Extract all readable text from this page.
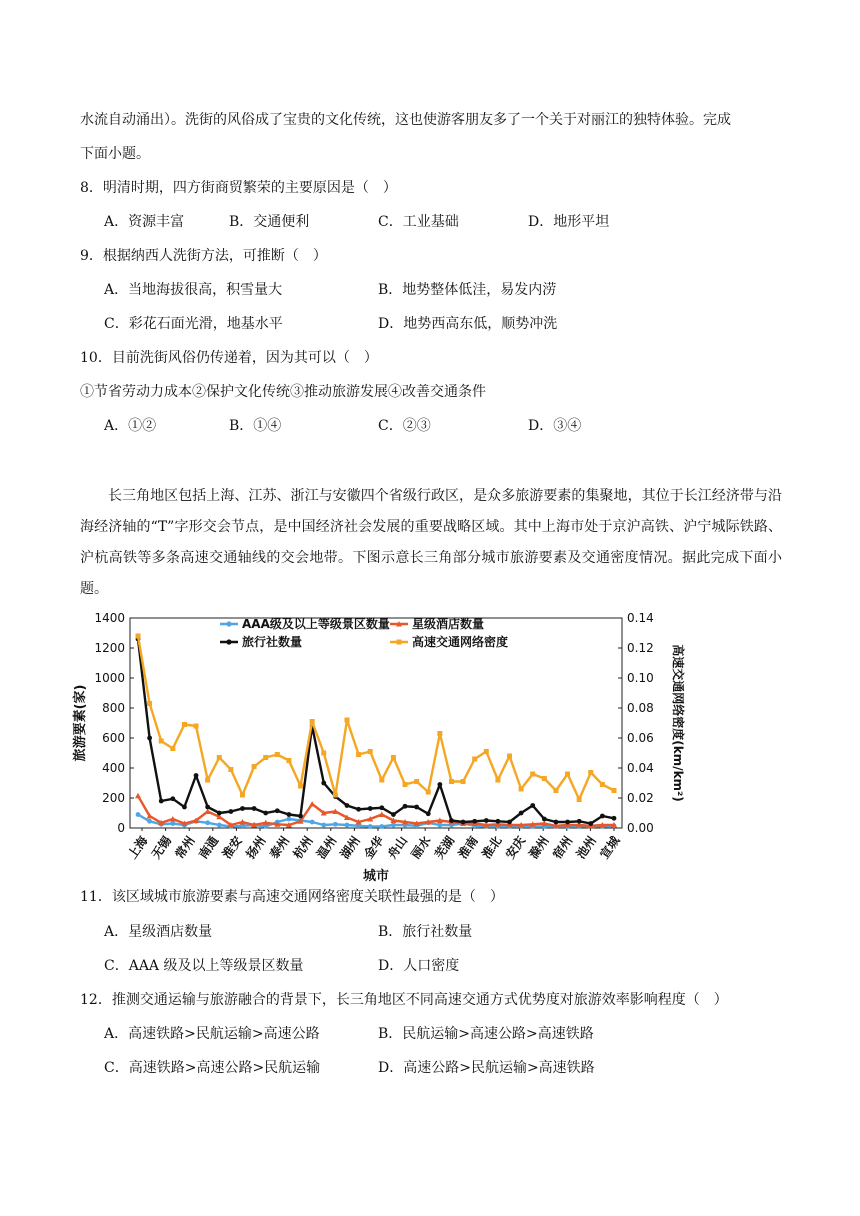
水流自动涌出）。洗街的风俗成了宝贵的文化传统，这也使游客朋友多了一个关于对丽江的独特体验。完成
下面小题。
8．明清时期，四方街商贸繁荣的主要原因是（　）
A．资源丰富	B．交通便利	C．工业基础	D．地形平坦
9．根据纳西人洗街方法，可推断（　）
A．当地海拔很高，积雪量大	B．地势整体低洼，易发内涝
C．彩花石面光滑，地基水平	D．地势西高东低，顺势冲洗
10．目前洗街风俗仍传递着，因为其可以（　）
①节省劳动力成本②保护文化传统③推动旅游发展④改善交通条件
A．①②	B．①④	C．②③	D．③④
长三角地区包括上海、江苏、浙江与安徽四个省级行政区，是众多旅游要素的集聚地，其位于长江经济带与沿海经济轴的“T”字形交会节点，是中国经济社会发展的重要战略区域。其中上海市处于京沪高铁、沪宁城际铁路、沪杭高铁等多条高速交通轴线的交会地带。下图示意长三角部分城市旅游要素及交通密度情况。据此完成下面小题。
0
200
400
600
800
1000
1200
1400
0.00
0.02
0.04
0.06
0.08
0.10
0.12
0.14
旅游要素(家)	高速交通网络密度(km/km²)
上海
无锡
常州
南通
淮安
扬州
泰州
杭州
温州
湖州
金华
舟山
丽水
芜湖
淮南
淮北
安庆
滁州
宿州
池州
宣城
城市
AAA级及以上等级景区数量 星级酒店数量
旅行社数量	高速交通网络密度
11．该区域城市旅游要素与高速交通网络密度关联性最强的是（　）
A．星级酒店数量	B．旅行社数量
C．AAA 级及以上等级景区数量	D．人口密度
12．推测交通运输与旅游融合的背景下，长三角地区不同高速交通方式优势度对旅游效率影响程度（　）
A．高速铁路>民航运输>高速公路	B．民航运输>高速公路>高速铁路
C．高速铁路>高速公路>民航运输	D．高速公路>民航运输>高速铁路
